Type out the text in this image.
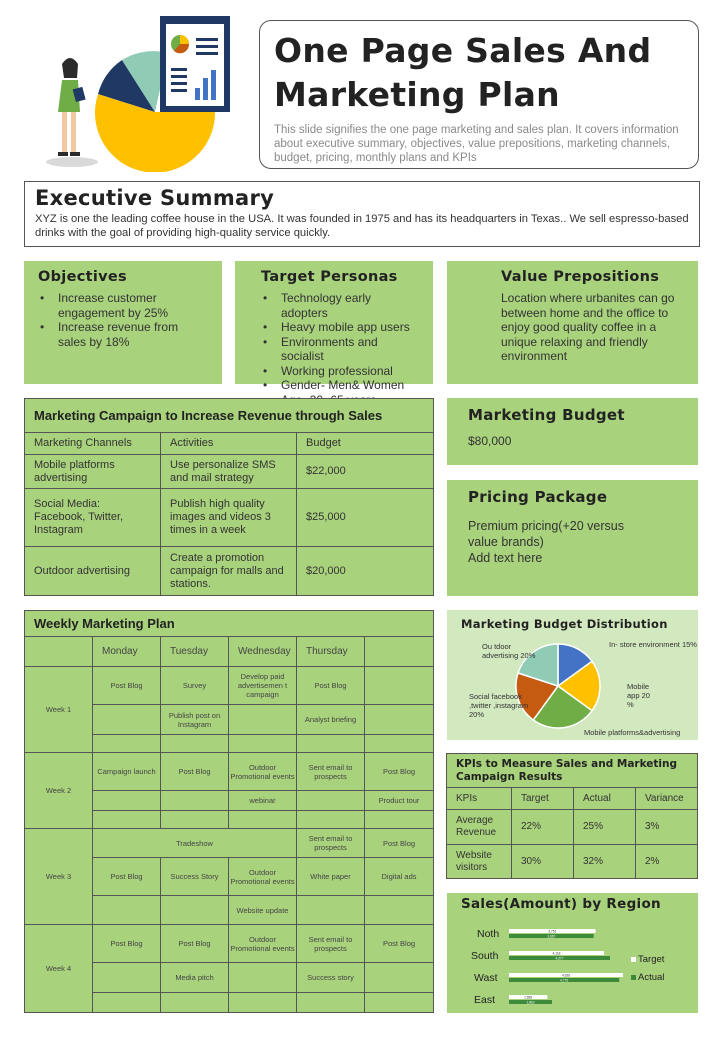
One Page Sales And
Marketing Plan

This slide signifies the one page marketing and sales plan. It covers information about executive summary, objectives, value prepositions, marketing channels, budget, pricing, monthly plans and KPIs

Executive Summary

XYZ is one the leading coffee house in the USA. It was founded in 1975 and has its headquarters in Texas.. We sell espresso-based drinks with the goal of providing high-quality service quickly.

Objectives
• Increase customer engagement by 25%
• Increase revenue from sales by 18%
Target Personas
• Technology early adopters
• Heavy mobile app users
• Environments and socialist
• Working professional
• Gender- Men& Women
•
Value Prepositions

Location where urbanites can go between home and the office to enjoy good quality coffee in a unique relaxing and friendly environment

Marketing Campaign to Increase Revenue through Sales		
Marketing Channels	Activities	Budget
Mobile platforms advertising	Use personalize SMS and mail strategy	$22,000
Social Media: Facebook, Twitter, Instagram	Publish high quality images and videos 3 times in a week	$25,000
Outdoor advertising	Create a promotion campaign for malls and stations.	$20,000
Marketing Budget

$80,000

Pricing Package

Premium pricing(+20 versus

value brands)

Add text here

Weekly Marketing Plan					
	Monday	Tuesday	Wednesday	Thursday	
Week 1	Post Blog	Survey	Develop paid advertisemen t campaign	Post Blog	
		Publish post on Instagram		Analyst briefing	

Week 2	Campaign launch	Post Blog	Outdoor Promotional events	Sent email to prospects	Post Blog
			webinar		Product tour

Week 3	Tradeshow			Sent email to prospects	Post Blog
	Post Blog	Success Story	Outdoor Promotional events	White paper	Digital ads
			Website update		
Week 4	Post Blog	Post Blog	Outdoor Promotional events	Sent email to prospects	Post Blog
		Media pitch		Success story	

Marketing Budget Distribution
In- store environment 15%
Mobile app 20 %
Ou tdoor advertising 20%
Social facebook ,twitter ,instagram 20%
Mobile platforms&advertising
KPIs to Measure Sales and Marketing Campaign Results			
KPIs	Target	Actual	Variance
Average Revenue	22%	25%	3%
Website visitors	30%	32%	2%
Sales(Amount) by Region
Noth
South
Wast
East
3,751
4,118
4,938
1,658
3,667
4,377
4,776
1,863
Target
Actual
